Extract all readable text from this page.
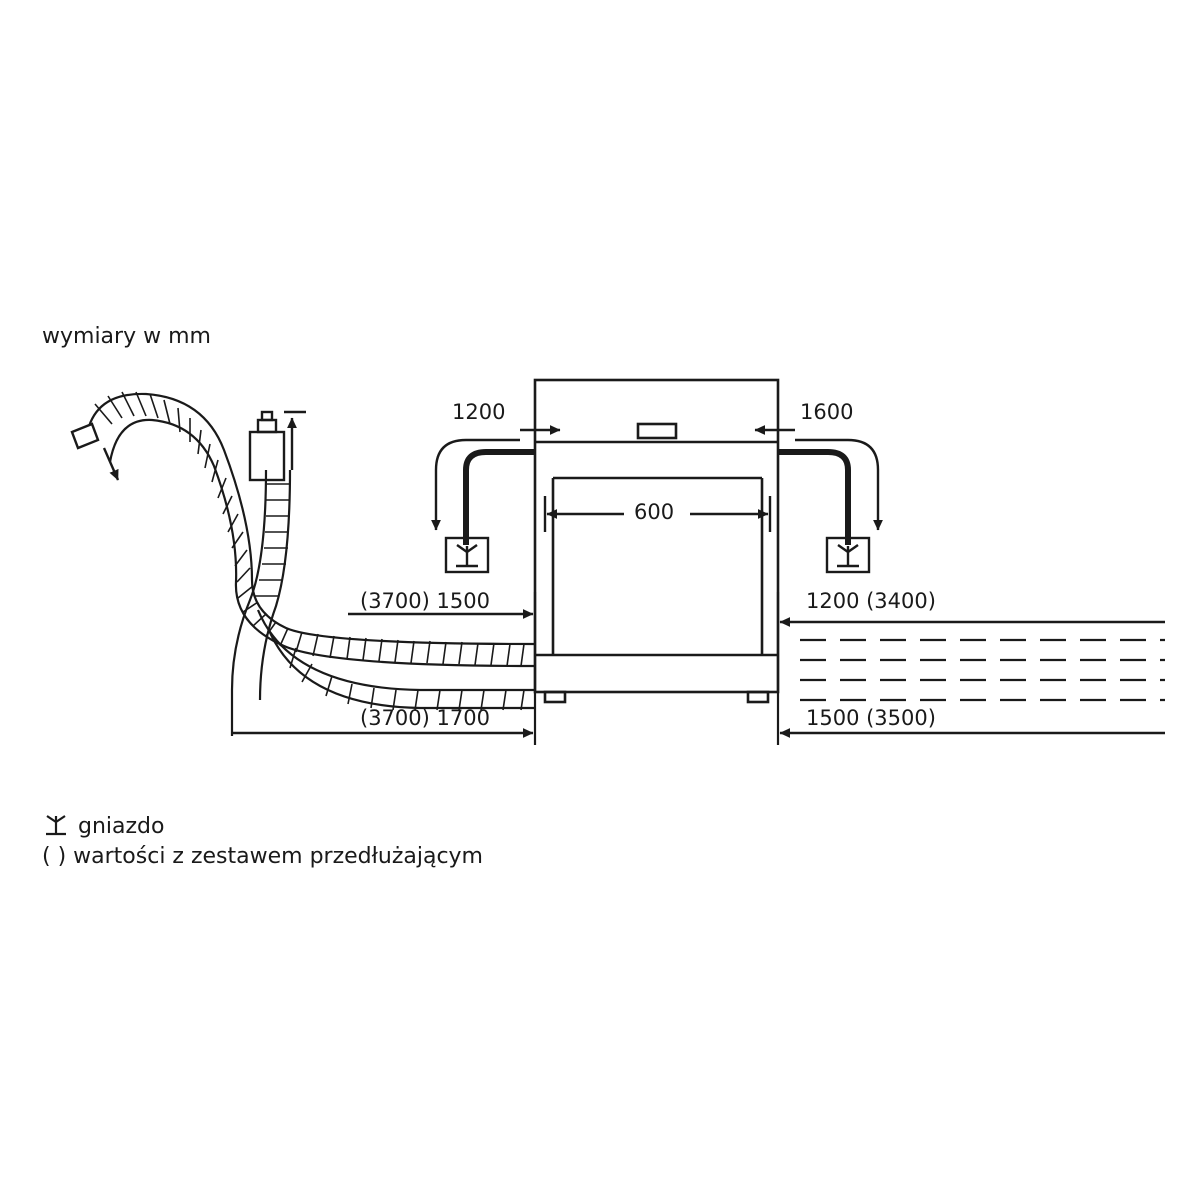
wymiary w mm
1200	1600
600
(3700) 1500	1200 (3400)
(3700) 1700	1500 (3500)
gniazdo
( ) wartości z zestawem przedłużającym
